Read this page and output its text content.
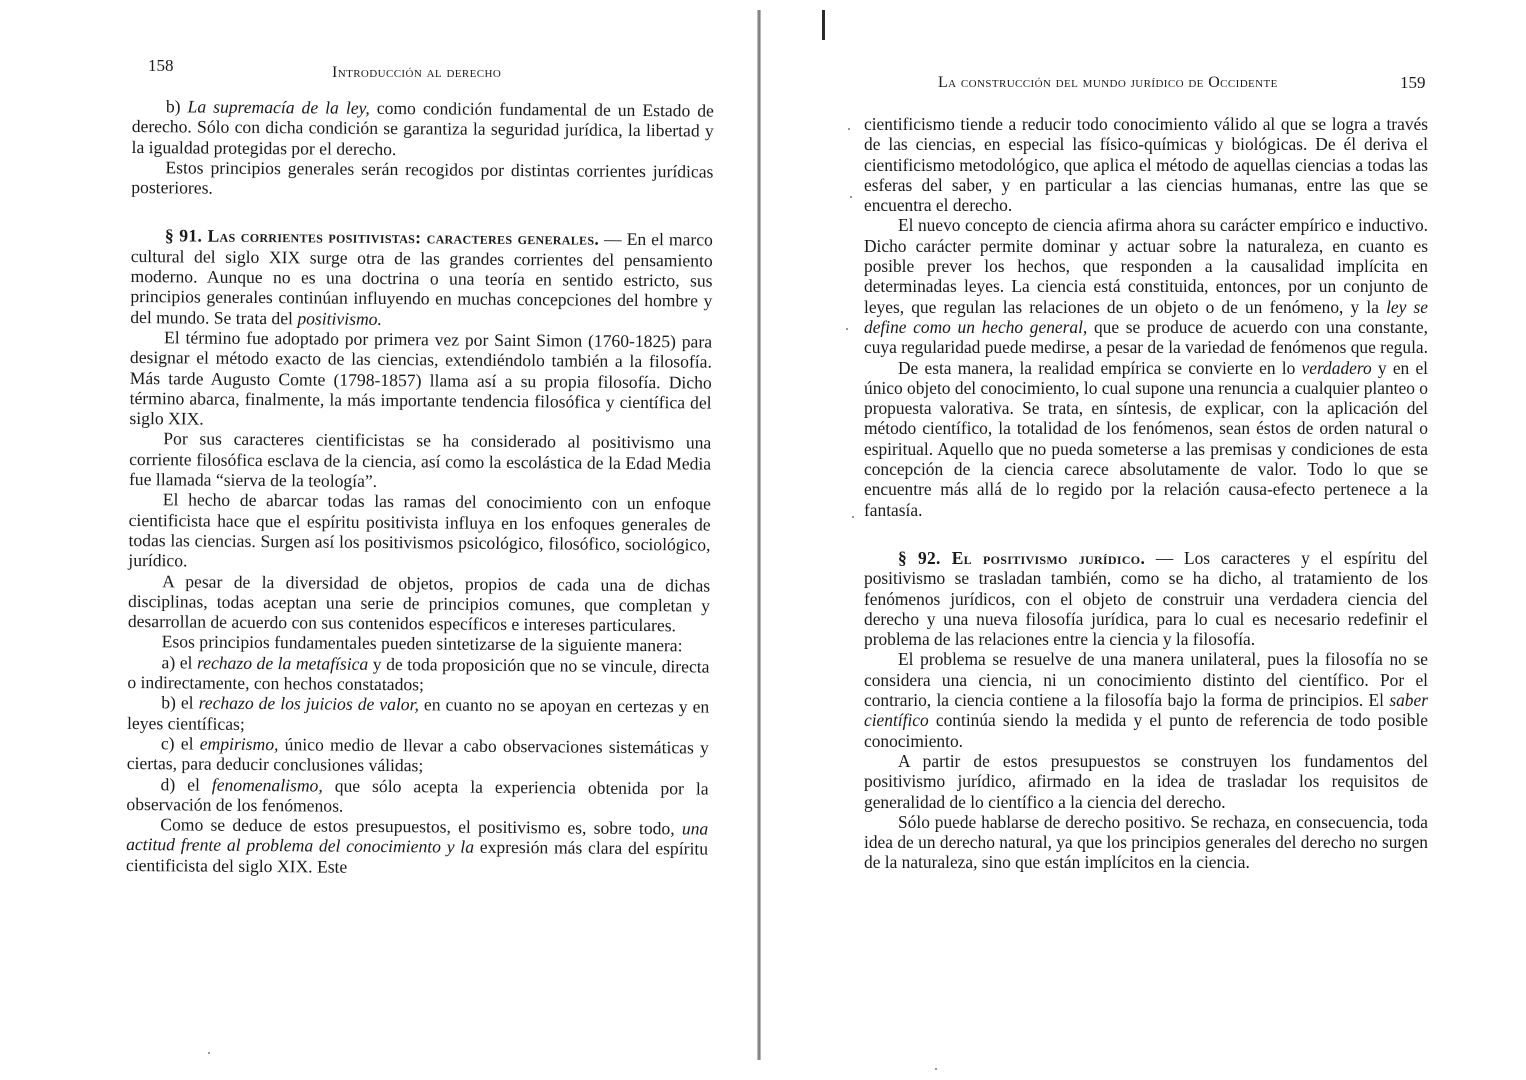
158	Introducción al derecho

b) La supremacía de la ley, como condición fundamental de un Estado de derecho. Sólo con dicha condición se garantiza la seguridad jurídica, la libertad y la igualdad protegidas por el derecho.

Estos principios generales serán recogidos por distintas corrientes jurídicas posteriores.

§ 91. Las corrientes positivistas: caracteres generales. — En el marco cultural del siglo XIX surge otra de las grandes corrientes del pensamiento moderno. Aunque no es una doctrina o una teoría en sentido estricto, sus principios generales continúan influyendo en muchas concepciones del hombre y del mundo. Se trata del positivismo.

El término fue adoptado por primera vez por Saint Simon (1760-1825) para designar el método exacto de las ciencias, extendiéndolo también a la filosofía. Más tarde Augusto Comte (1798-1857) llama así a su propia filosofía. Dicho término abarca, finalmente, la más importante tendencia filosófica y científica del siglo XIX.

Por sus caracteres cientificistas se ha considerado al positivismo una corriente filosófica esclava de la ciencia, así como la escolástica de la Edad Media fue llamada “sierva de la teología”.

El hecho de abarcar todas las ramas del conocimiento con un enfoque cientificista hace que el espíritu positivista influya en los enfoques generales de todas las ciencias. Surgen así los positivismos psicológico, filosófico, sociológico, jurídico.

A pesar de la diversidad de objetos, propios de cada una de dichas disciplinas, todas aceptan una serie de principios comunes, que completan y desarrollan de acuerdo con sus contenidos específicos e intereses particulares.

Esos principios fundamentales pueden sintetizarse de la siguiente manera:

a) el rechazo de la metafísica y de toda proposición que no se vincule, directa o indirectamente, con hechos constatados;

b) el rechazo de los juicios de valor, en cuanto no se apoyan en certezas y en leyes científicas;

c) el empirismo, único medio de llevar a cabo observaciones sistemáticas y ciertas, para deducir conclusiones válidas;

d) el fenomenalismo, que sólo acepta la experiencia obtenida por la observación de los fenómenos.

Como se deduce de estos presupuestos, el positivismo es, sobre todo, una actitud frente al problema del conocimiento y la expresión más clara del espíritu cientificista del siglo XIX. Este

La construcción del mundo jurídico de Occidente	159

cientificismo tiende a reducir todo conocimiento válido al que se logra a través de las ciencias, en especial las físico-químicas y biológicas. De él deriva el cientificismo metodológico, que aplica el método de aquellas ciencias a todas las esferas del saber, y en particular a las ciencias humanas, entre las que se encuentra el derecho.

El nuevo concepto de ciencia afirma ahora su carácter empírico e inductivo. Dicho carácter permite dominar y actuar sobre la naturaleza, en cuanto es posible prever los hechos, que responden a la causalidad implícita en determinadas leyes. La ciencia está constituida, entonces, por un conjunto de leyes, que regulan las relaciones de un objeto o de un fenómeno, y la ley se define como un hecho general, que se produce de acuerdo con una constante, cuya regularidad puede medirse, a pesar de la variedad de fenómenos que regula.

De esta manera, la realidad empírica se convierte en lo verdadero y en el único objeto del conocimiento, lo cual supone una renuncia a cualquier planteo o propuesta valorativa. Se trata, en síntesis, de explicar, con la aplicación del método científico, la totalidad de los fenómenos, sean éstos de orden natural o espiritual. Aquello que no pueda someterse a las premisas y condiciones de esta concepción de la ciencia carece absolutamente de valor. Todo lo que se encuentre más allá de lo regido por la relación causa-efecto pertenece a la fantasía.

§ 92. El positivismo jurídico. — Los caracteres y el espíritu del positivismo se trasladan también, como se ha dicho, al tratamiento de los fenómenos jurídicos, con el objeto de construir una verdadera ciencia del derecho y una nueva filosofía jurídica, para lo cual es necesario redefinir el problema de las relaciones entre la ciencia y la filosofía.

El problema se resuelve de una manera unilateral, pues la filosofía no se considera una ciencia, ni un conocimiento distinto del científico. Por el contrario, la ciencia contiene a la filosofía bajo la forma de principios. El saber científico continúa siendo la medida y el punto de referencia de todo posible conocimiento.

A partir de estos presupuestos se construyen los fundamentos del positivismo jurídico, afirmado en la idea de trasladar los requisitos de generalidad de lo científico a la ciencia del derecho.

Sólo puede hablarse de derecho positivo. Se rechaza, en consecuencia, toda idea de un derecho natural, ya que los principios generales del derecho no surgen de la naturaleza, sino que están implícitos en la ciencia.
